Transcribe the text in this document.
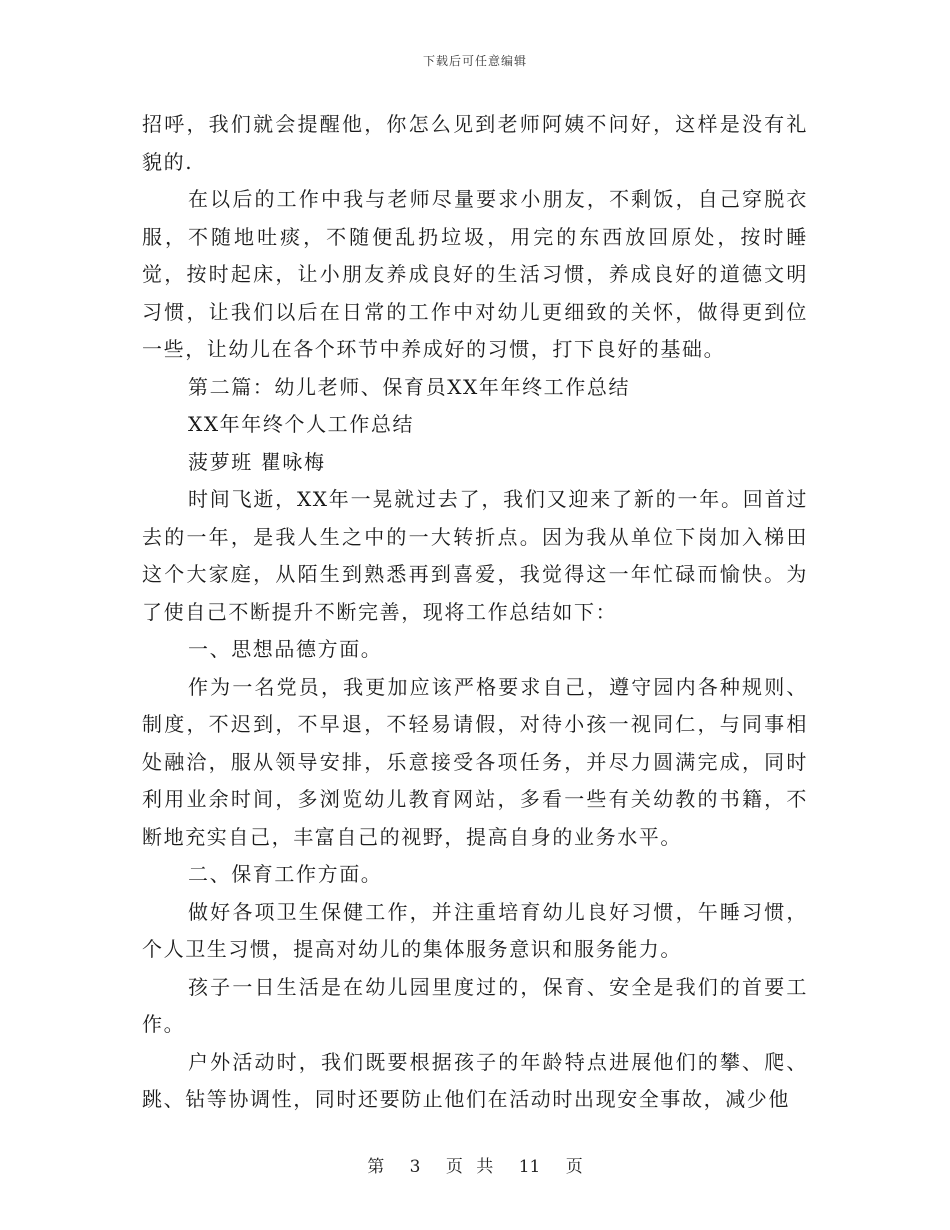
下载后可任意编辑

招呼，我们就会提醒他，你怎么见到老师阿姨不问好，这样是没有礼貌的.

在以后的工作中我与老师尽量要求小朋友，不剩饭，自己穿脱衣服，不随地吐痰，不随便乱扔垃圾，用完的东西放回原处，按时睡觉，按时起床，让小朋友养成良好的生活习惯，养成良好的道德文明习惯，让我们以后在日常的工作中对幼儿更细致的关怀，做得更到位一些，让幼儿在各个环节中养成好的习惯，打下良好的基础。

第二篇：幼儿老师、保育员XX年年终工作总结

XX年年终个人工作总结

菠萝班 瞿咏梅

时间飞逝，XX年一晃就过去了，我们又迎来了新的一年。回首过去的一年，是我人生之中的一大转折点。因为我从单位下岗加入梯田这个大家庭，从陌生到熟悉再到喜爱，我觉得这一年忙碌而愉快。为了使自己不断提升不断完善，现将工作总结如下：

一、思想品德方面。

作为一名党员，我更加应该严格要求自己，遵守园内各种规则、制度，不迟到，不早退，不轻易请假，对待小孩一视同仁，与同事相处融洽，服从领导安排，乐意接受各项任务，并尽力圆满完成，同时利用业余时间，多浏览幼儿教育网站，多看一些有关幼教的书籍，不断地充实自己，丰富自己的视野，提高自身的业务水平。

二、保育工作方面。

做好各项卫生保健工作，并注重培育幼儿良好习惯，午睡习惯，个人卫生习惯，提高对幼儿的集体服务意识和服务能力。

孩子一日生活是在幼儿园里度过的，保育、安全是我们的首要工作。

户外活动时，我们既要根据孩子的年龄特点进展他们的攀、爬、跳、钻等协调性，同时还要防止他们在活动时出现安全事故，减少他

第 3 页 共 11 页
